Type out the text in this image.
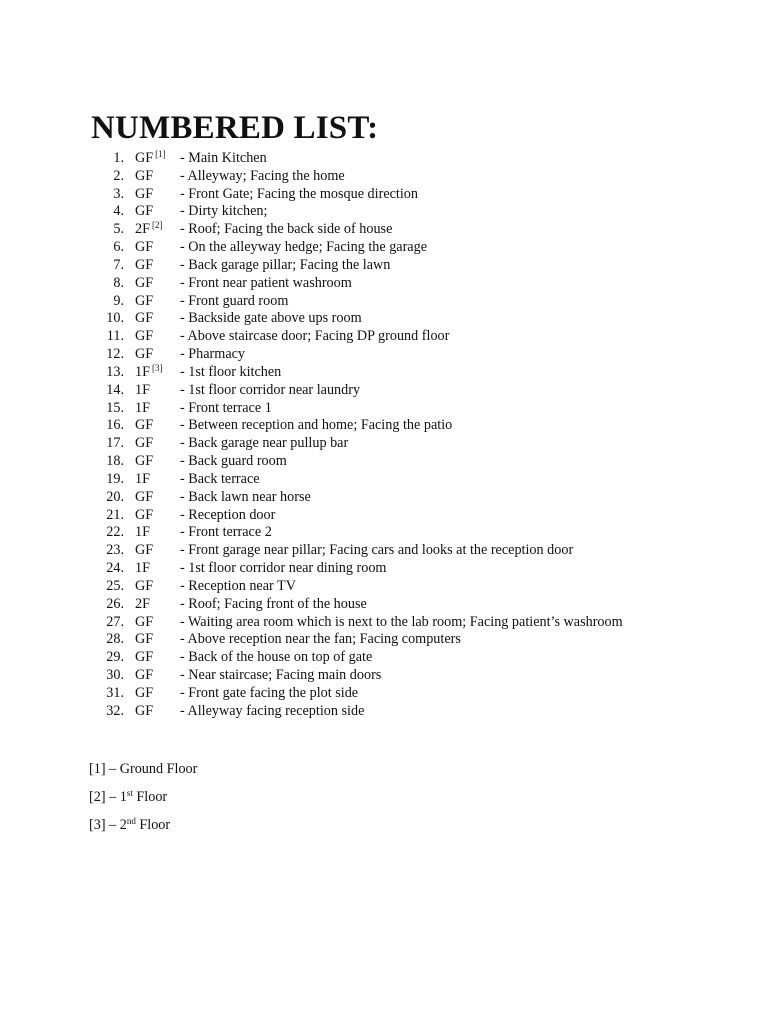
NUMBERED LIST:
1. GF [1] - Main Kitchen
2. GF - Alleyway; Facing the home
3. GF - Front Gate; Facing the mosque direction
4. GF - Dirty kitchen;
5. 2F [2] - Roof; Facing the back side of house
6. GF - On the alleyway hedge; Facing the garage
7. GF - Back garage pillar; Facing the lawn
8. GF - Front near patient washroom
9. GF - Front guard room
10. GF - Backside gate above ups room
11. GF - Above staircase door; Facing DP ground floor
12. GF - Pharmacy
13. 1F [3] - 1st floor kitchen
14. 1F - 1st floor corridor near laundry
15. 1F - Front terrace 1
16. GF - Between reception and home; Facing the patio
17. GF - Back garage near pullup bar
18. GF - Back guard room
19. 1F - Back terrace
20. GF - Back lawn near horse
21. GF - Reception door
22. 1F - Front terrace 2
23. GF - Front garage near pillar; Facing cars and looks at the reception door
24. 1F - 1st floor corridor near dining room
25. GF - Reception near TV
26. 2F - Roof; Facing front of the house
27. GF - Waiting area room which is next to the lab room; Facing patient’s washroom
28. GF - Above reception near the fan; Facing computers
29. GF - Back of the house on top of gate
30. GF - Near staircase; Facing main doors
31. GF - Front gate facing the plot side
32. GF - Alleyway facing reception side
[1] – Ground Floor
[2] – 1st Floor
[3] – 2nd Floor
